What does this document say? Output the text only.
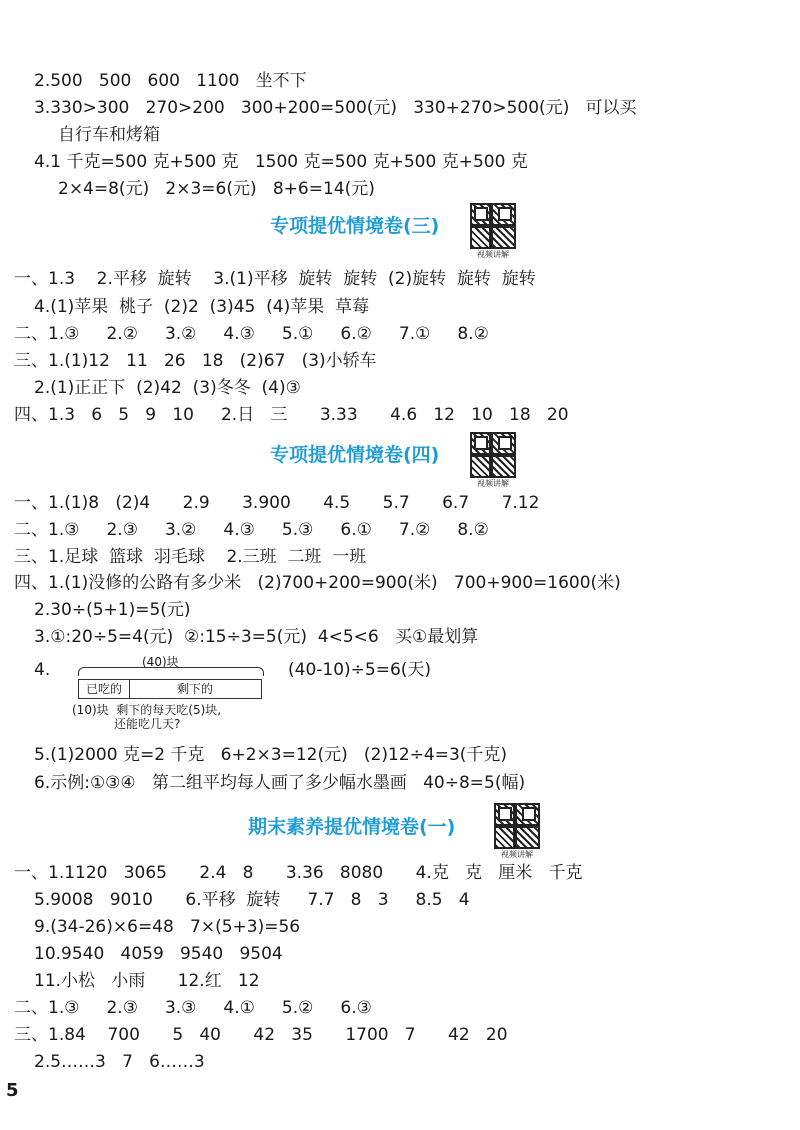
2.500   500   600   1100   坐不下
3.330>300   270>200   300+200=500(元)   330+270>500(元)   可以买
自行车和烤箱
4.1 千克=500 克+500 克   1500 克=500 克+500 克+500 克
2×4=8(元)   2×3=6(元)   8+6=14(元)
专项提优情境卷(三)
视频讲解
一、1.3    2.平移  旋转    3.(1)平移  旋转  旋转  (2)旋转  旋转  旋转
4.(1)苹果  桃子  (2)2  (3)45  (4)苹果  草莓
二、1.③     2.②     3.②     4.③     5.①     6.②     7.①     8.②
三、1.(1)12   11   26   18   (2)67   (3)小轿车
2.(1)正正下  (2)42  (3)冬冬  (4)③
四、1.3   6   5   9   10     2.日   三      3.33      4.6   12   10   18   20
专项提优情境卷(四)
视频讲解
一、1.(1)8   (2)4      2.9      3.900      4.5      5.7      6.7      7.12
二、1.③     2.③     3.②     4.③     5.③     6.①     7.②     8.②
三、1.足球  篮球  羽毛球    2.三班  二班  一班
四、1.(1)没修的公路有多少米   (2)700+200=900(米)   700+900=1600(米)
2.30÷(5+1)=5(元)
3.①:20÷5=4(元)  ②:15÷3=5(元)  4<5<6   买①最划算
4.	(40-10)÷5=6(天)
(40)块
已吃的	剩下的
(10)块  剩下的每天吃(5)块,
还能吃几天?
5.(1)2000 克=2 千克   6+2×3=12(元)   (2)12÷4=3(千克)
6.示例:①③④   第二组平均每人画了多少幅水墨画   40÷8=5(幅)
期末素养提优情境卷(一)
视频讲解
一、1.1120   3065      2.4   8      3.36   8080      4.克   克   厘米   千克
5.9008   9010      6.平移  旋转     7.7   8   3     8.5   4
9.(34-26)×6=48   7×(5+3)=56
10.9540   4059   9540   9504
11.小松   小雨      12.红   12
二、1.③     2.③     3.③     4.①     5.②     6.③
三、1.84    700      5   40      42   35      1700   7      42   20
2.5……3   7   6……3
5
